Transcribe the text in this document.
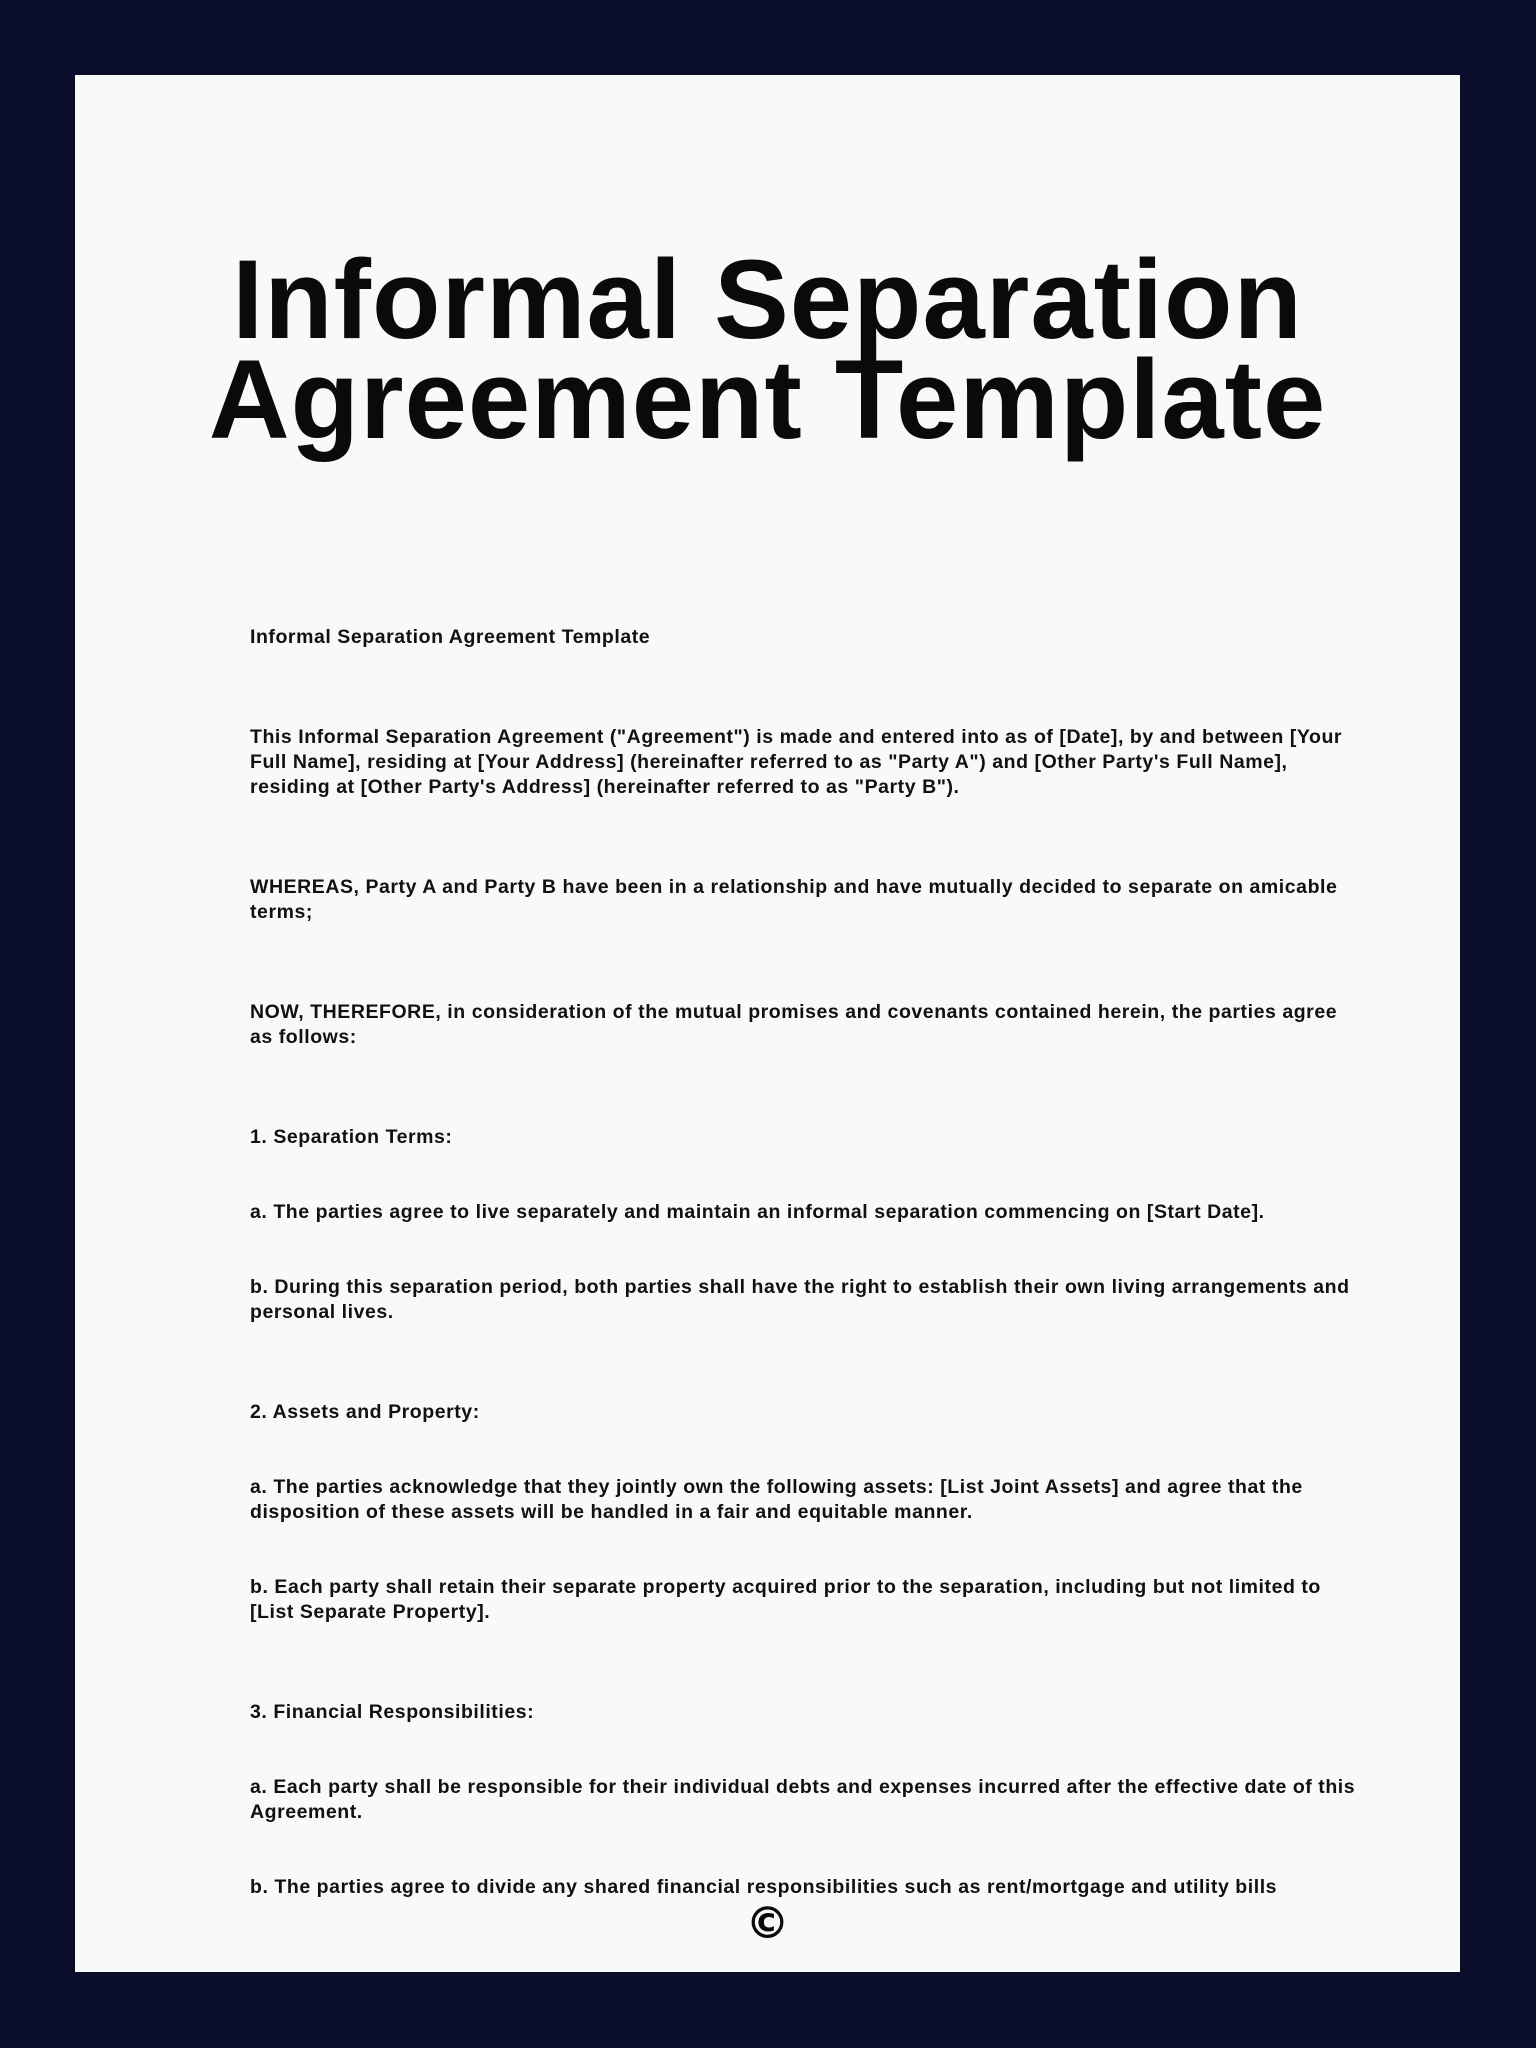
Informal Separation
Agreement Template

Informal Separation Agreement Template

This Informal Separation Agreement ("Agreement") is made and entered into as of [Date], by and between [Your Full Name], residing at [Your Address] (hereinafter referred to as "Party A") and [Other Party's Full Name], residing at [Other Party's Address] (hereinafter referred to as "Party B").

WHEREAS, Party A and Party B have been in a relationship and have mutually decided to separate on amicable terms;

NOW, THEREFORE, in consideration of the mutual promises and covenants contained herein, the parties agree as follows:

1. Separation Terms:

a. The parties agree to live separately and maintain an informal separation commencing on [Start Date].

b. During this separation period, both parties shall have the right to establish their own living arrangements and personal lives.

2. Assets and Property:

a. The parties acknowledge that they jointly own the following assets: [List Joint Assets] and agree that the disposition of these assets will be handled in a fair and equitable manner.

b. Each party shall retain their separate property acquired prior to the separation, including but not limited to [List Separate Property].

3. Financial Responsibilities:

a. Each party shall be responsible for their individual debts and expenses incurred after the effective date of this Agreement.

b. The parties agree to divide any shared financial responsibilities such as rent/mortgage and utility bills

©
